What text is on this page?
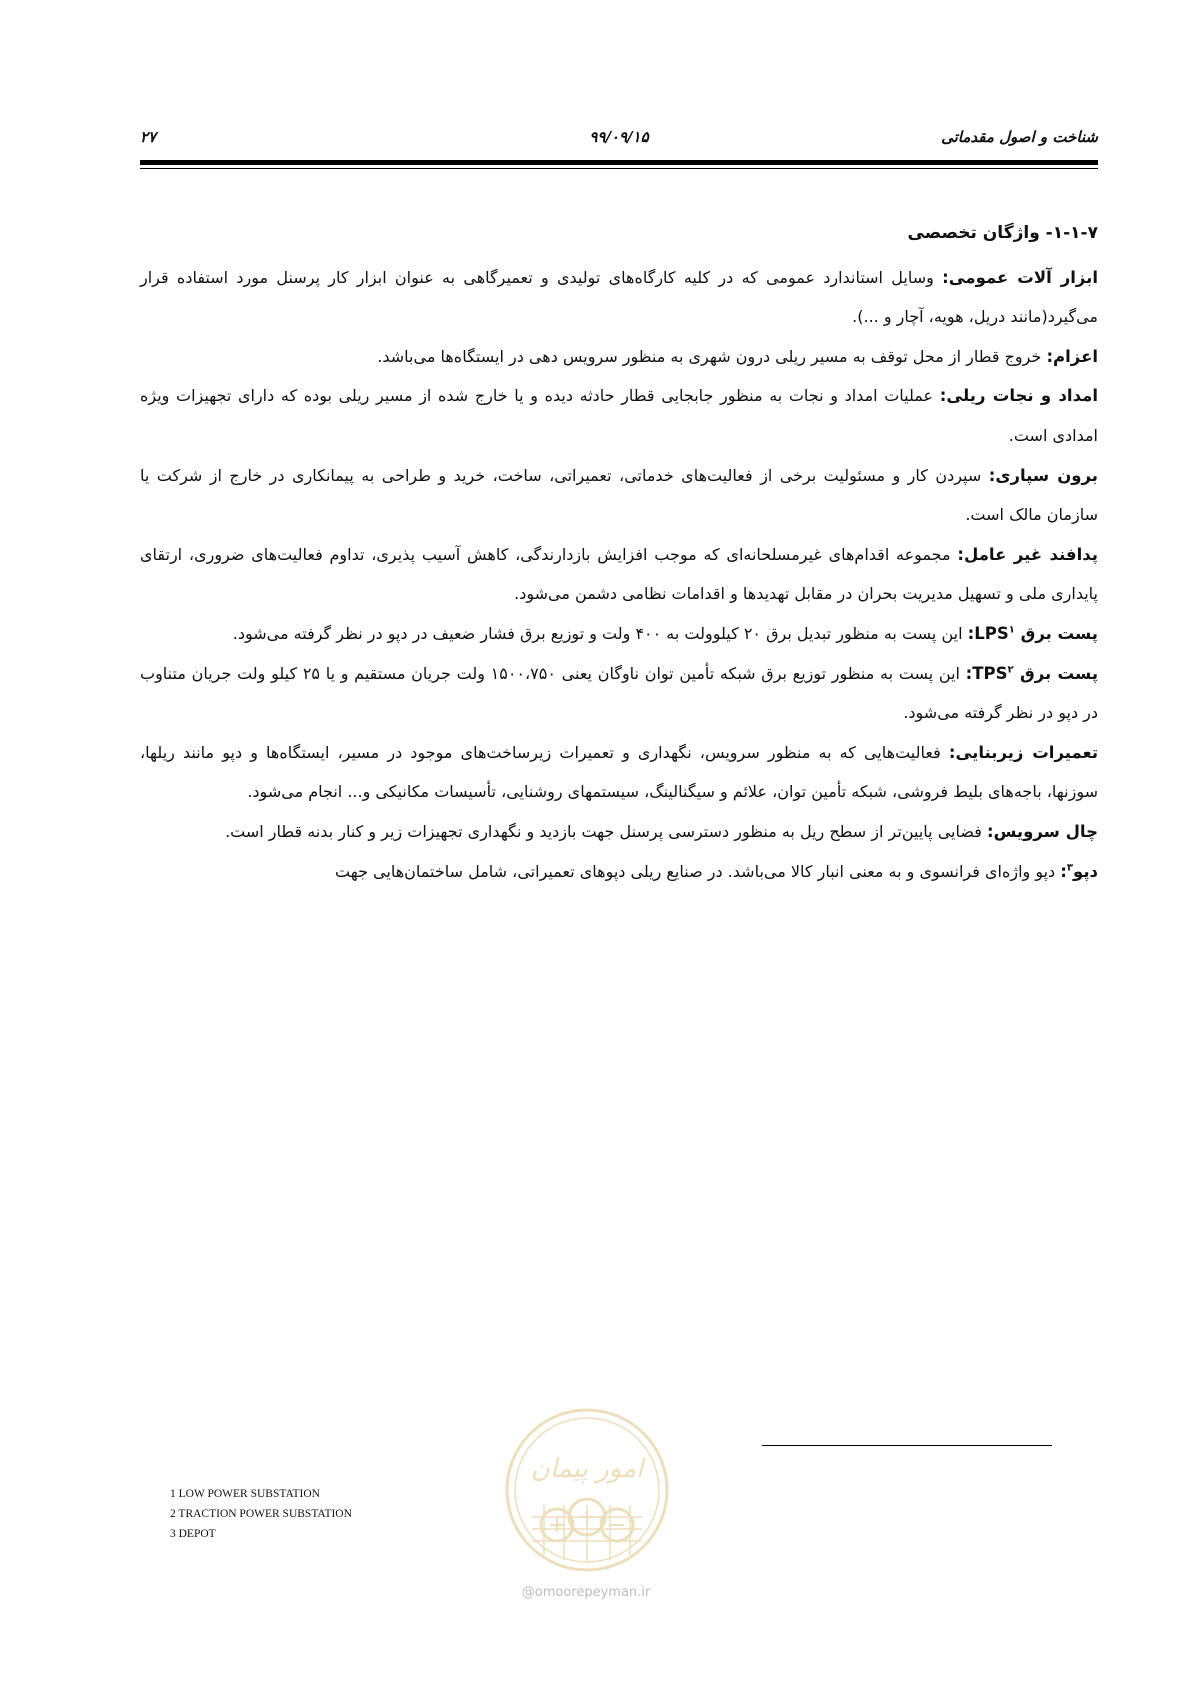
شناخت و اصول مقدماتی
۹۹/۰۹/۱۵
۲۷

۱-۱-۷- واژگان تخصصی

ابزار آلات عمومی: وسایل استاندارد عمومی که در کلیه کارگاه‌های تولیدی و تعمیرگاهی به عنوان ابزار کار پرسنل مورد استفاده قرار می‌گیرد(مانند دریل، هویه، آچار و ...).

اعزام: خروج قطار از محل توقف به مسیر ریلی درون شهری به منظور سرویس دهی در ایستگاه‌ها می‌باشد.

امداد و نجات ریلی: عملیات امداد و نجات به منظور جابجایی قطار حادثه دیده و یا خارج شده از مسیر ریلی بوده که دارای تجهیزات ویژه امدادی است.

برون سپاری: سپردن کار و مسئولیت برخی از فعالیت‌های خدماتی، تعمیراتی، ساخت، خرید و طراحی به پیمانکاری در خارج از شرکت یا سازمان مالک است.

پدافند غیر عامل: مجموعه اقدام‌های غیرمسلحانه‌ای که موجب افزایش بازدارندگی، کاهش آسیب پذیری، تداوم فعالیت‌های ضروری، ارتقای پایداری ملی و تسهیل مدیریت بحران در مقابل تهدیدها و اقدامات نظامی دشمن می‌شود.

پست برق LPS$^۱$: این پست به منظور تبدیل برق ۲۰ کیلوولت به ۴۰۰ ولت و توزیع برق فشار ضعیف در دپو در نظر گرفته می‌شود.

پست برق TPS$^۲$: این پست به منظور توزیع برق شبکه تأمین توان ناوگان یعنی ۱۵۰۰،۷۵۰ ولت جریان مستقیم و یا ۲۵ کیلو ولت جریان متناوب در دپو در نظر گرفته می‌شود.

تعمیرات زیربنایی: فعالیت‌هایی که به منظور سرویس، نگهداری و تعمیرات زیرساخت‌های موجود در مسیر، ایستگاه‌ها و دپو مانند ریلها، سوزنها، باجه‌های بلیط فروشی، شبکه تأمین توان، علائم و سیگنالینگ، سیستمهای روشنایی، تأسیسات مکانیکی و... انجام می‌شود.

چال سرویس: فضایی پایین‌تر از سطح ریل به منظور دسترسی پرسنل جهت بازدید و نگهداری تجهیزات زیر و کنار بدنه قطار است.

دپو$^۳$: دپو واژه‌ای فرانسوی و به معنی انبار کالا می‌باشد. در صنایع ریلی دپوهای تعمیراتی، شامل ساختمان‌هایی جهت

1 LOW POWER SUBSTATION
2 TRACTION POWER SUBSTATION
3 DEPOT
امور پیمان
@omoorepeyman.ir
